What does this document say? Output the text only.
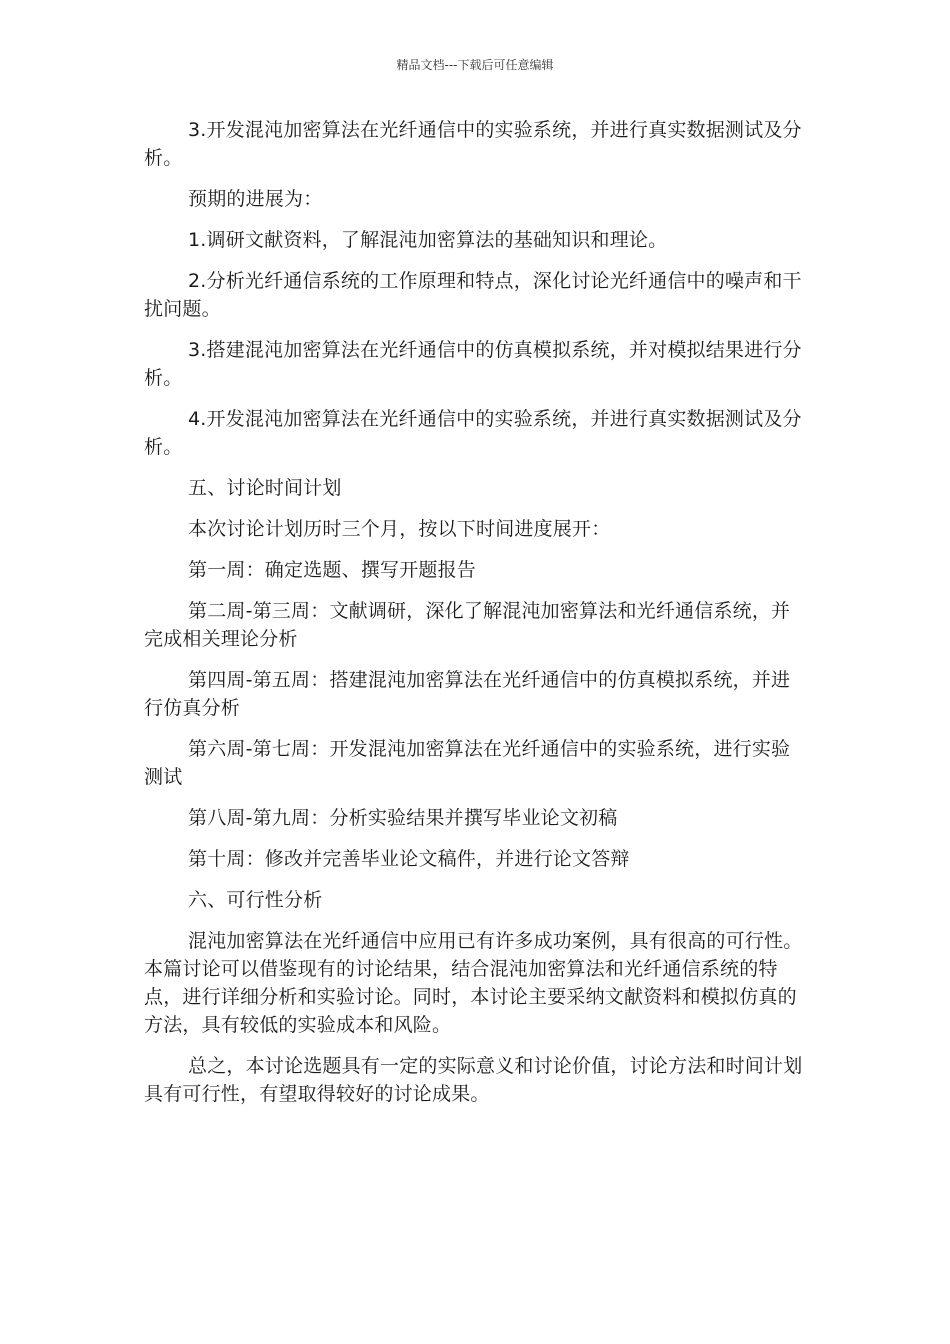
精品文档---下载后可任意编辑

3.开发混沌加密算法在光纤通信中的实验系统，并进行真实数据测试及分析。

预期的进展为：

1.调研文献资料，了解混沌加密算法的基础知识和理论。

2.分析光纤通信系统的工作原理和特点，深化讨论光纤通信中的噪声和干扰问题。

3.搭建混沌加密算法在光纤通信中的仿真模拟系统，并对模拟结果进行分析。

4.开发混沌加密算法在光纤通信中的实验系统，并进行真实数据测试及分析。

五、讨论时间计划

本次讨论计划历时三个月，按以下时间进度展开：

第一周：确定选题、撰写开题报告

第二周-第三周：文献调研，深化了解混沌加密算法和光纤通信系统，并完成相关理论分析

第四周-第五周：搭建混沌加密算法在光纤通信中的仿真模拟系统，并进行仿真分析

第六周-第七周：开发混沌加密算法在光纤通信中的实验系统，进行实验测试

第八周-第九周：分析实验结果并撰写毕业论文初稿

第十周：修改并完善毕业论文稿件，并进行论文答辩

六、可行性分析

混沌加密算法在光纤通信中应用已有许多成功案例，具有很高的可行性。本篇讨论可以借鉴现有的讨论结果，结合混沌加密算法和光纤通信系统的特点，进行详细分析和实验讨论。同时，本讨论主要采纳文献资料和模拟仿真的方法，具有较低的实验成本和风险。

总之，本讨论选题具有一定的实际意义和讨论价值，讨论方法和时间计划具有可行性，有望取得较好的讨论成果。
